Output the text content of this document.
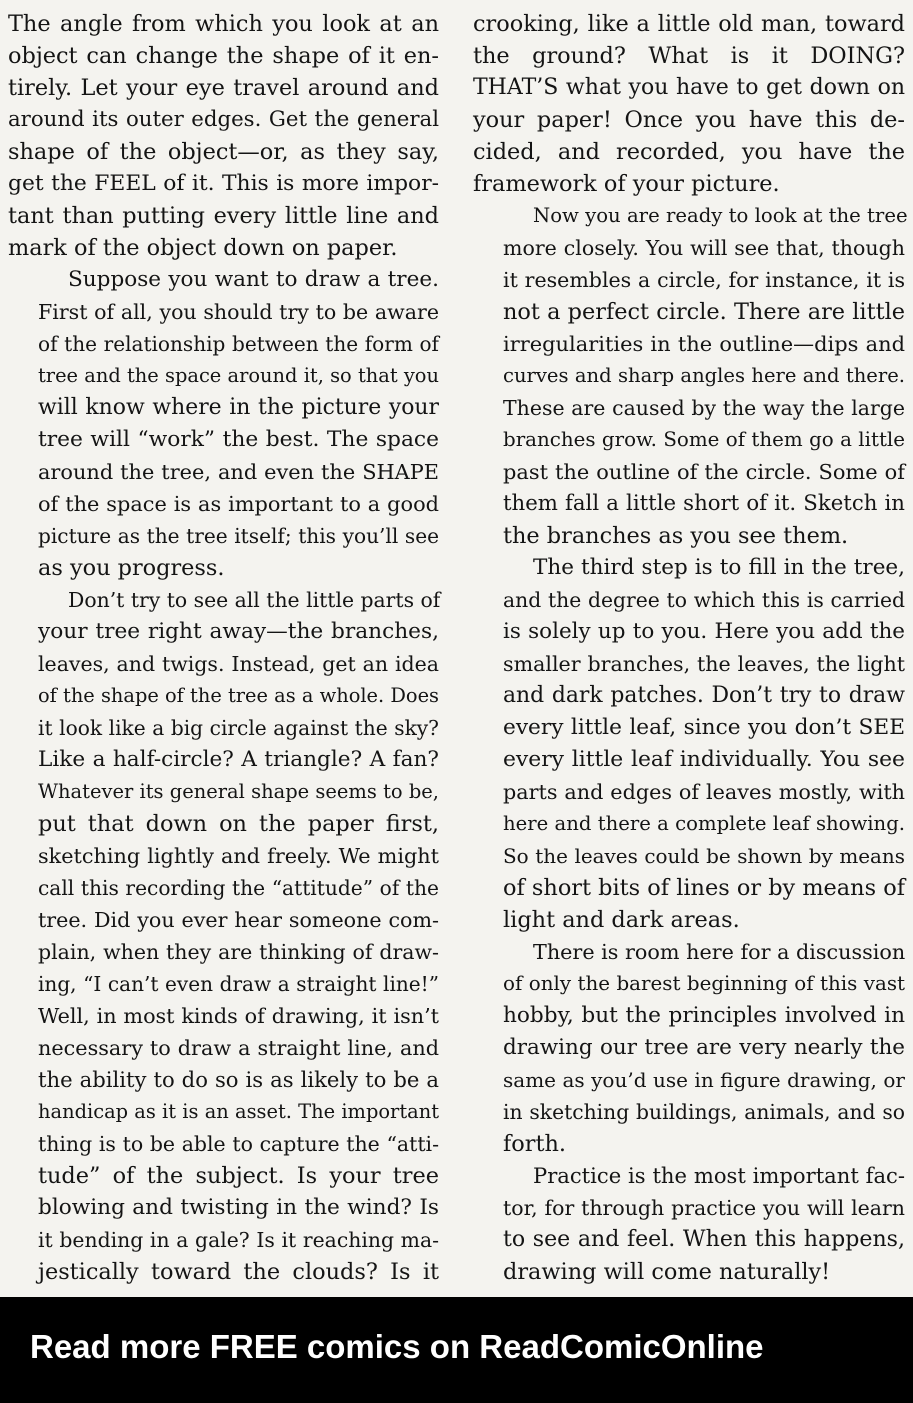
The angle from which you look at an
object can change the shape of it en-
tirely. Let your eye travel around and
around its outer edges. Get the general
shape of the object—or, as they say,
get the FEEL of it. This is more impor-
tant than putting every little line and
mark of the object down on paper.

Suppose you want to draw a tree.
First of all, you should try to be aware
of the relationship between the form of
tree and the space around it, so that you
will know where in the picture your
tree will “work” the best. The space
around the tree, and even the SHAPE
of the space is as important to a good
picture as the tree itself; this you’ll see
as you progress.

Don’t try to see all the little parts of
your tree right away—the branches,
leaves, and twigs. Instead, get an idea
of the shape of the tree as a whole. Does
it look like a big circle against the sky?
Like a half-circle? A triangle? A fan?
Whatever its general shape seems to be,
put that down on the paper first,
sketching lightly and freely. We might
call this recording the “attitude” of the
tree. Did you ever hear someone com-
plain, when they are thinking of draw-
ing, “I can’t even draw a straight line!”
Well, in most kinds of drawing, it isn’t
necessary to draw a straight line, and
the ability to do so is as likely to be a
handicap as it is an asset. The important
thing is to be able to capture the “atti-
tude” of the subject. Is your tree
blowing and twisting in the wind? Is
it bending in a gale? Is it reaching ma-
jestically toward the clouds? Is it

crooking, like a little old man, toward
the ground? What is it DOING?
THAT’S what you have to get down on
your paper! Once you have this de-
cided, and recorded, you have the
framework of your picture.

Now you are ready to look at the tree
more closely. You will see that, though
it resembles a circle, for instance, it is
not a perfect circle. There are little
irregularities in the outline—dips and
curves and sharp angles here and there.
These are caused by the way the large
branches grow. Some of them go a little
past the outline of the circle. Some of
them fall a little short of it. Sketch in
the branches as you see them.

The third step is to fill in the tree,
and the degree to which this is carried
is solely up to you. Here you add the
smaller branches, the leaves, the light
and dark patches. Don’t try to draw
every little leaf, since you don’t SEE
every little leaf individually. You see
parts and edges of leaves mostly, with
here and there a complete leaf showing.
So the leaves could be shown by means
of short bits of lines or by means of
light and dark areas.

There is room here for a discussion
of only the barest beginning of this vast
hobby, but the principles involved in
drawing our tree are very nearly the
same as you’d use in figure drawing, or
in sketching buildings, animals, and so
forth.

Practice is the most important fac-
tor, for through practice you will learn
to see and feel. When this happens,
drawing will come naturally!

Read more FREE comics on ReadComicOnline
